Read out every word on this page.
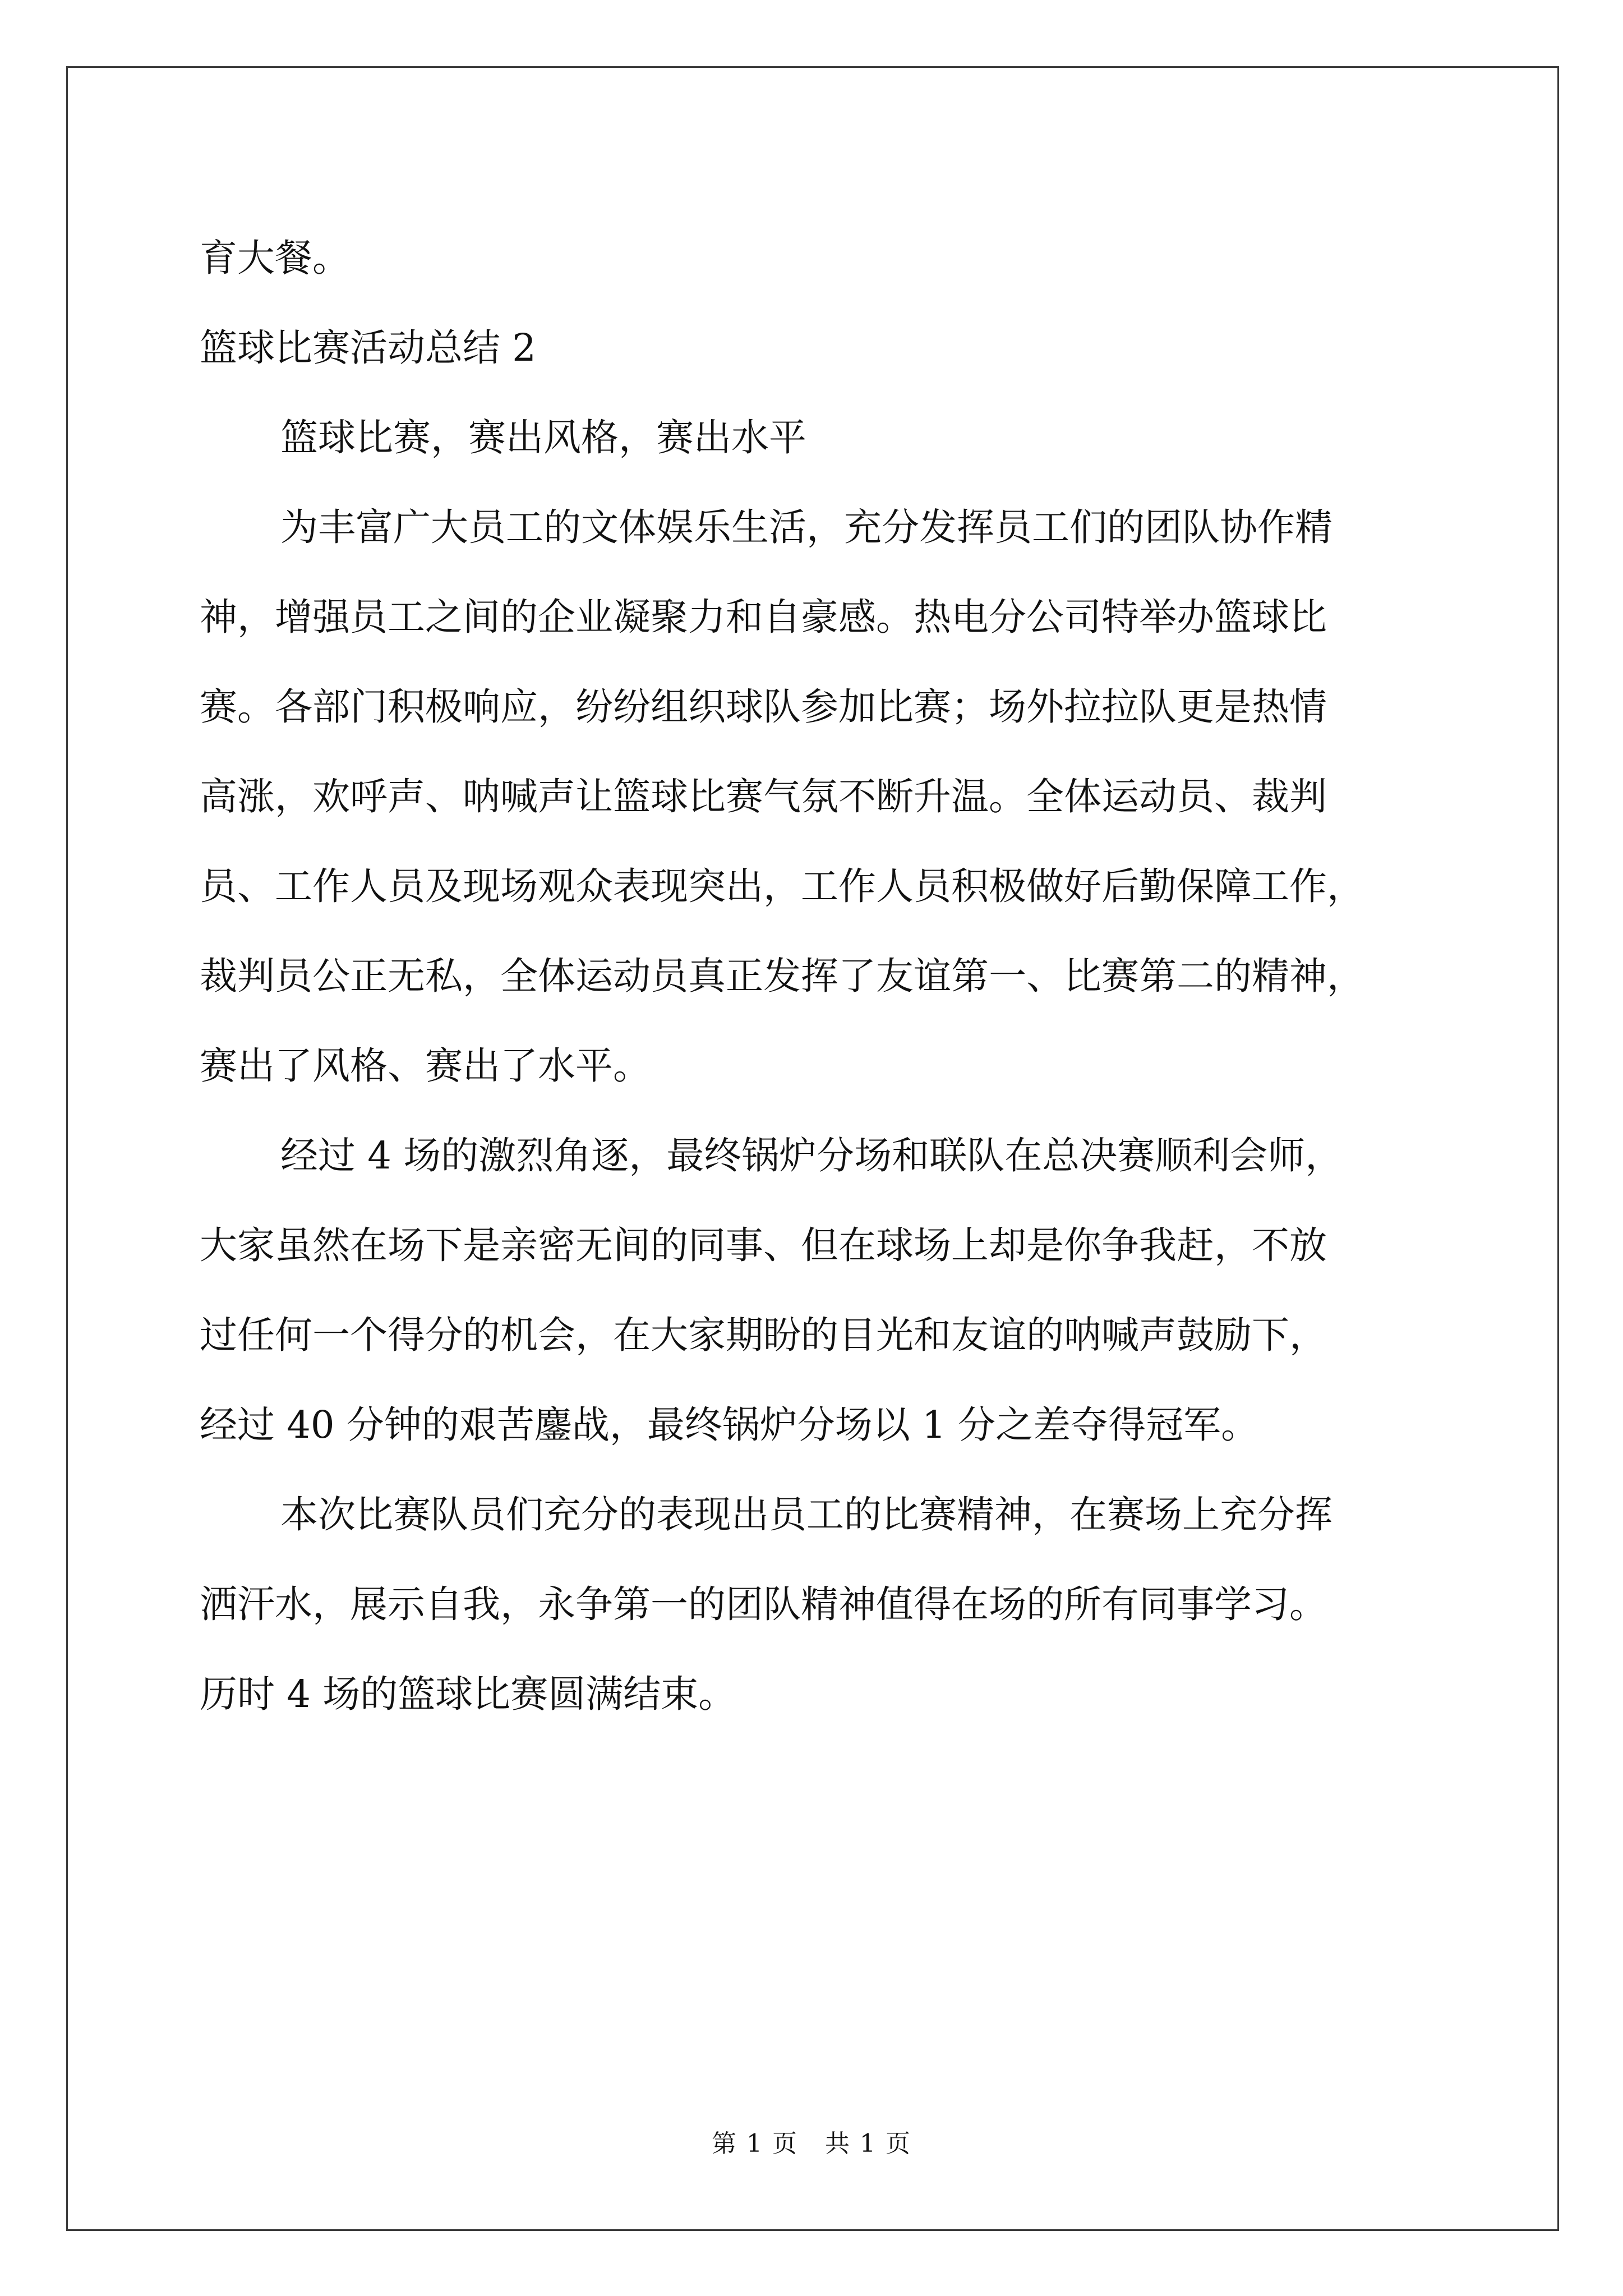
育大餐。

篮球比赛活动总结 2

篮球比赛，赛出风格，赛出水平

为丰富广大员工的文体娱乐生活，充分发挥员工们的团队协作精
神，增强员工之间的企业凝聚力和自豪感。热电分公司特举办篮球比
赛。各部门积极响应，纷纷组织球队参加比赛；场外拉拉队更是热情
高涨，欢呼声、呐喊声让篮球比赛气氛不断升温。全体运动员、裁判
员、工作人员及现场观众表现突出，工作人员积极做好后勤保障工作，
裁判员公正无私，全体运动员真正发挥了友谊第一、比赛第二的精神，
赛出了风格、赛出了水平。
经过 4 场的激烈角逐，最终锅炉分场和联队在总决赛顺利会师，
大家虽然在场下是亲密无间的同事、但在球场上却是你争我赶，不放
过任何一个得分的机会，在大家期盼的目光和友谊的呐喊声鼓励下，
经过 40 分钟的艰苦鏖战，最终锅炉分场以 1 分之差夺得冠军。
本次比赛队员们充分的表现出员工的比赛精神，在赛场上充分挥
洒汗水，展示自我，永争第一的团队精神值得在场的所有同事学习。
历时 4 场的篮球比赛圆满结束。
第 1 页 共 1 页
